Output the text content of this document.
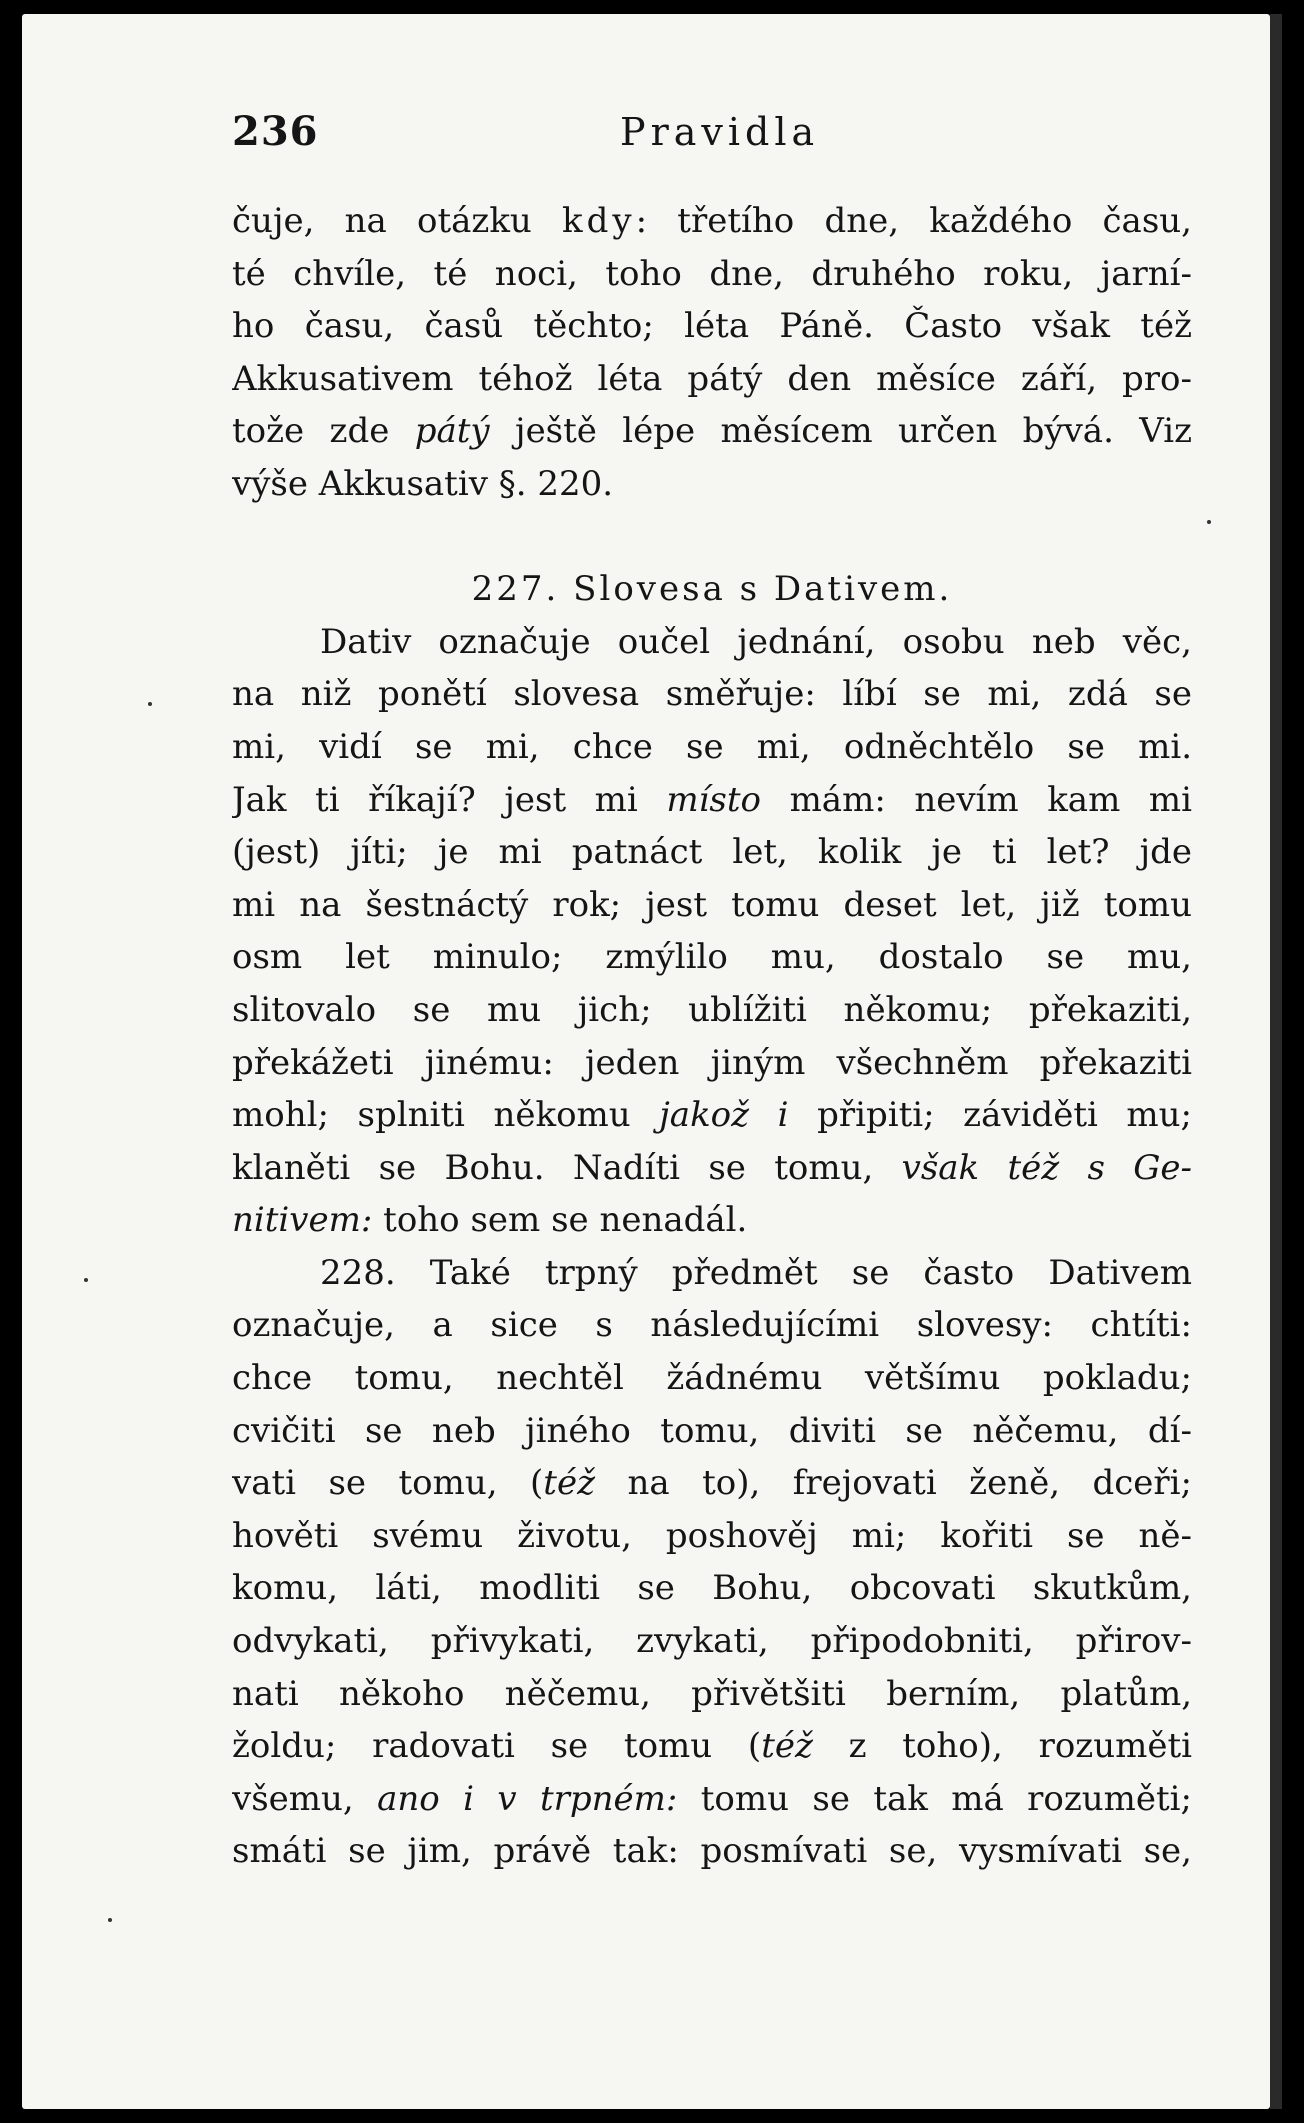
236	Pravidla
čuje, na otázku kdy: třetího dne, každého času,
té chvíle, té noci, toho dne, druhého roku, jarní-
ho času, časů těchto; léta Páně. Často však též
Akkusativem téhož léta pátý den měsíce září, pro-
tože zde pátý ještě lépe měsícem určen bývá. Viz
výše Akkusativ §. 220.
227. Slovesa s Dativem.
Dativ označuje oučel jednání, osobu neb věc,
na niž ponětí slovesa směřuje: líbí se mi, zdá se
mi, vidí se mi, chce se mi, odněchtělo se mi.
Jak ti říkají? jest mi místo mám: nevím kam mi
(jest) jíti; je mi patnáct let, kolik je ti let? jde
mi na šestnáctý rok; jest tomu deset let, již tomu
osm let minulo; zmýlilo mu, dostalo se mu,
slitovalo se mu jich; ublížiti někomu; překaziti,
překážeti jinému: jeden jiným všechněm překaziti
mohl; splniti někomu jakož i připiti; záviděti mu;
klaněti se Bohu. Nadíti se tomu, však též s Ge-
nitivem: toho sem se nenadál.
228. Také trpný předmět se často Dativem
označuje, a sice s následujícími slovesy: chtíti:
chce tomu, nechtěl žádnému většímu pokladu;
cvičiti se neb jiného tomu, diviti se něčemu, dí-
vati se tomu, (též na to), frejovati ženě, dceři;
hověti svému životu, poshověj mi; kořiti se ně-
komu, láti, modliti se Bohu, obcovati skutkům,
odvykati, přivykati, zvykati, připodobniti, přirov-
nati někoho něčemu, přivětšiti berním, platům,
žoldu; radovati se tomu (též z toho), rozuměti
všemu, ano i v trpném: tomu se tak má rozuměti;
smáti se jim, právě tak: posmívati se, vysmívati se,
